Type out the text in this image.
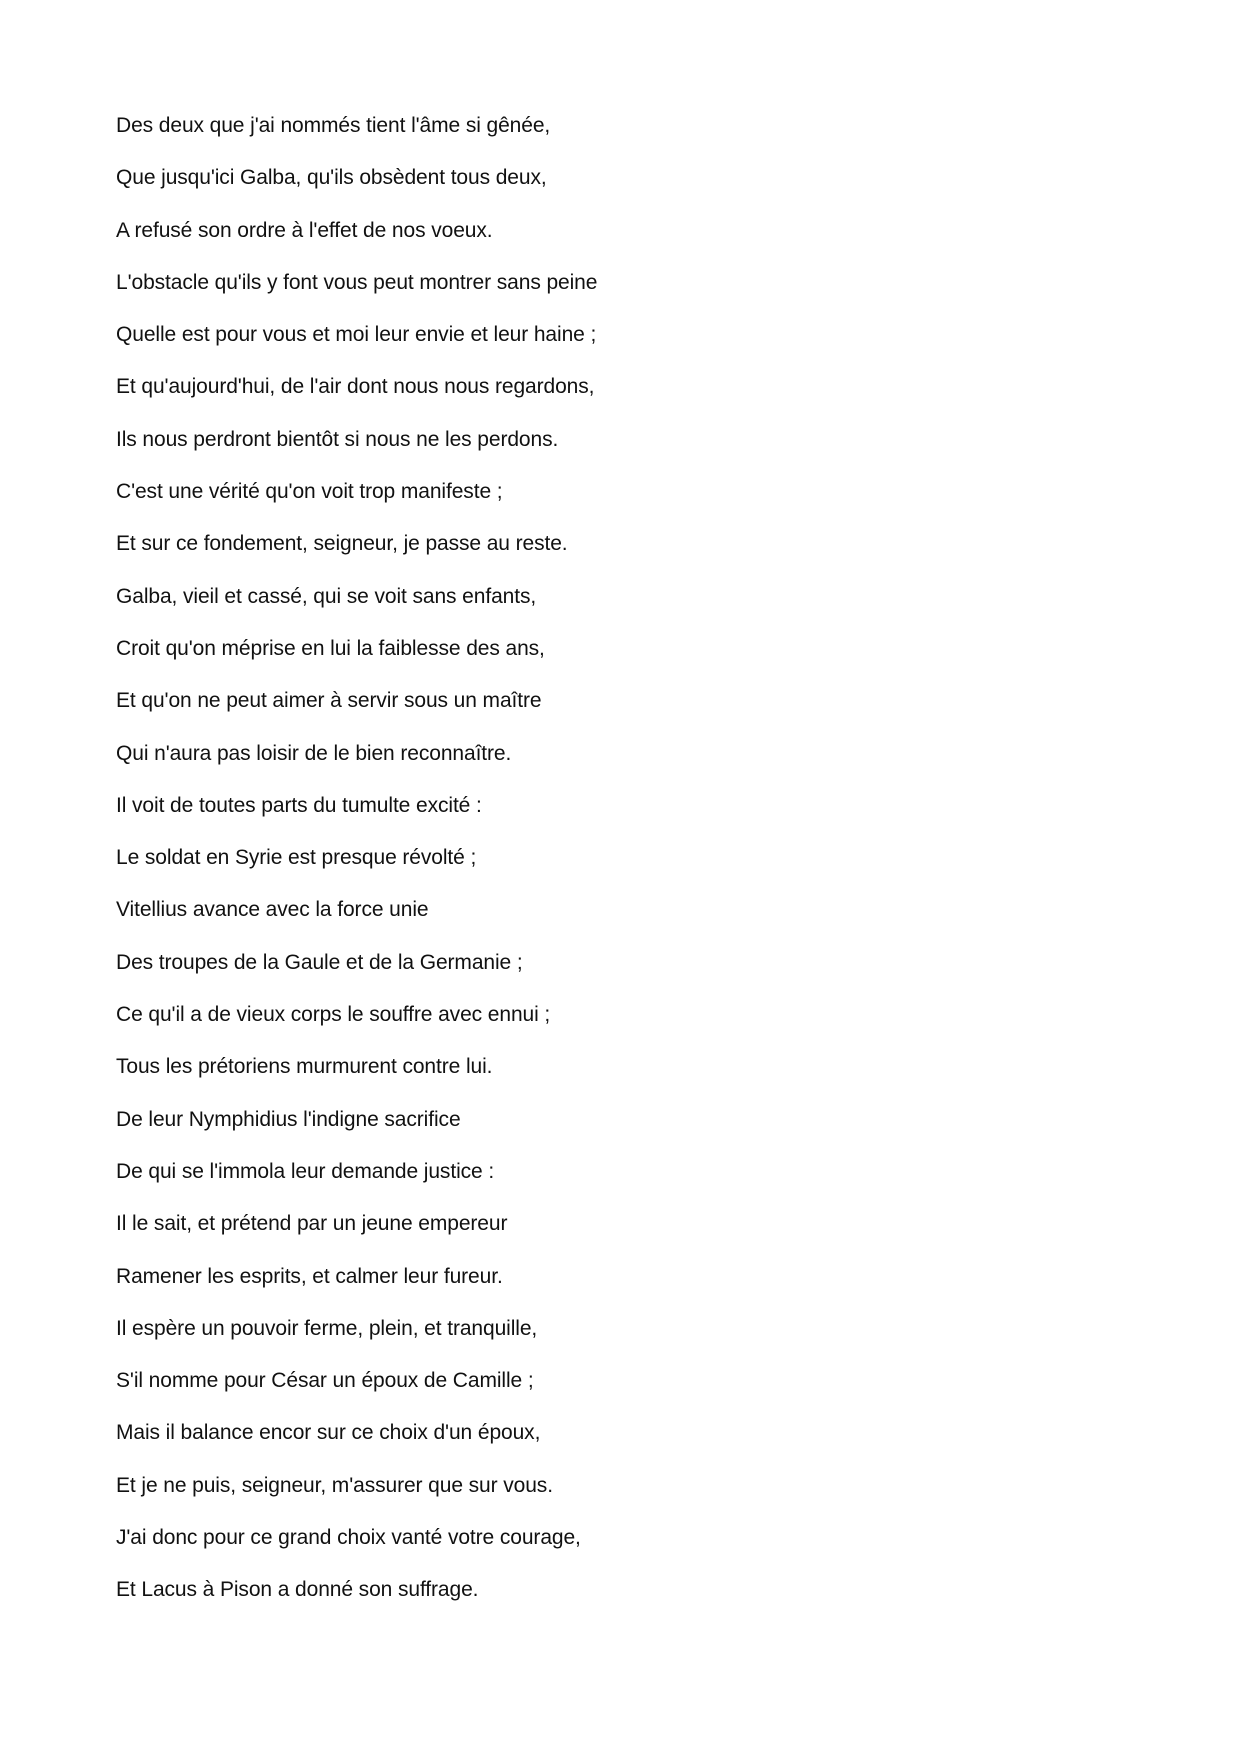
Des deux que j'ai nommés tient l'âme si gênée,
Que jusqu'ici Galba, qu'ils obsèdent tous deux,
A refusé son ordre à l'effet de nos voeux.
L'obstacle qu'ils y font vous peut montrer sans peine
Quelle est pour vous et moi leur envie et leur haine ;
Et qu'aujourd'hui, de l'air dont nous nous regardons,
Ils nous perdront bientôt si nous ne les perdons.
C'est une vérité qu'on voit trop manifeste ;
Et sur ce fondement, seigneur, je passe au reste.
Galba, vieil et cassé, qui se voit sans enfants,
Croit qu'on méprise en lui la faiblesse des ans,
Et qu'on ne peut aimer à servir sous un maître
Qui n'aura pas loisir de le bien reconnaître.
Il voit de toutes parts du tumulte excité :
Le soldat en Syrie est presque révolté ;
Vitellius avance avec la force unie
Des troupes de la Gaule et de la Germanie ;
Ce qu'il a de vieux corps le souffre avec ennui ;
Tous les prétoriens murmurent contre lui.
De leur Nymphidius l'indigne sacrifice
De qui se l'immola leur demande justice :
Il le sait, et prétend par un jeune empereur
Ramener les esprits, et calmer leur fureur.
Il espère un pouvoir ferme, plein, et tranquille,
S'il nomme pour César un époux de Camille ;
Mais il balance encor sur ce choix d'un époux,
Et je ne puis, seigneur, m'assurer que sur vous.
J'ai donc pour ce grand choix vanté votre courage,
Et Lacus à Pison a donné son suffrage.
